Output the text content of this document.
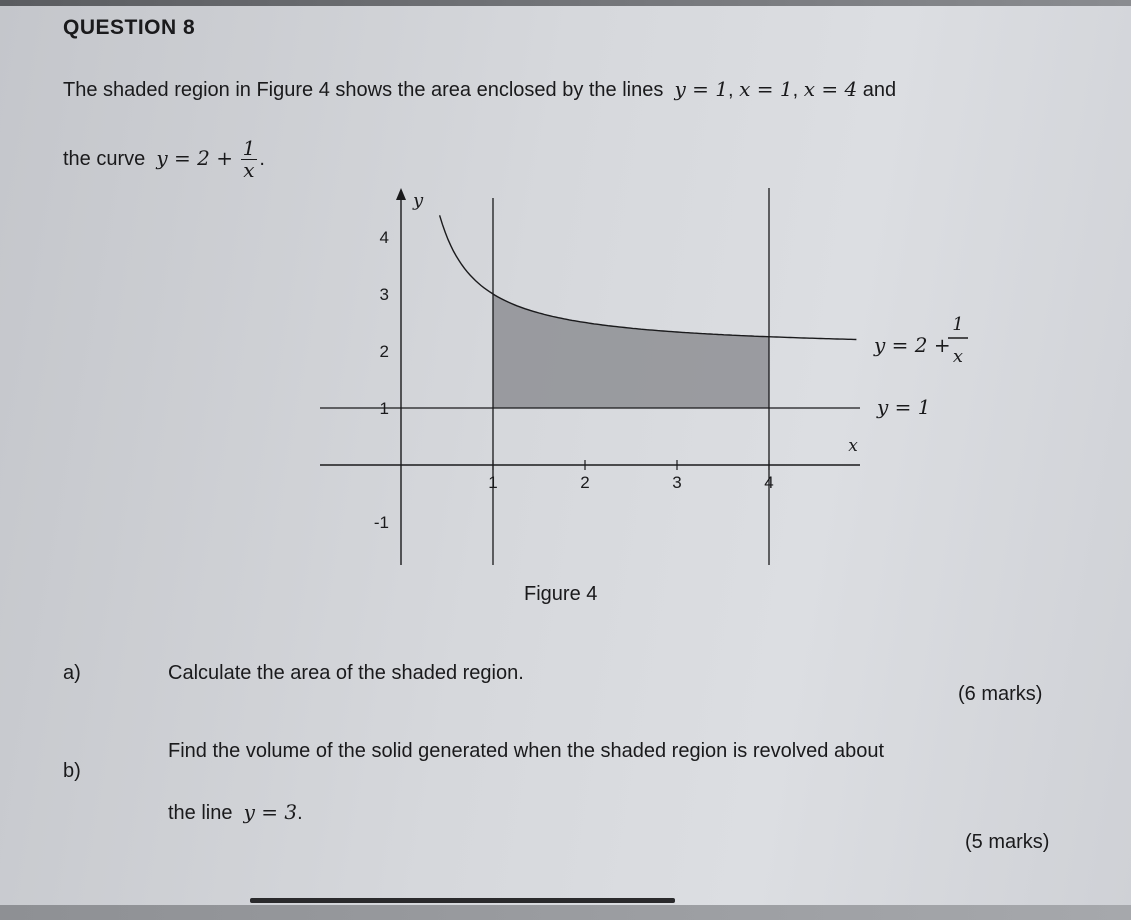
QUESTION 8
The shaded region in Figure 4 shows the area enclosed by the lines y = 1, x = 1, x = 4 and
the curve $y = 2 + \frac{1}{x}$ .
y
x
4
3
2
1
-1
1	2	3	4
y = 2 +
1
x
y = 1
Figure 4
a)	Calculate the area of the shaded region.
(6 marks)
b)
Find the volume of the solid generated when the shaded region is revolved about
the line y = 3.
(5 marks)
